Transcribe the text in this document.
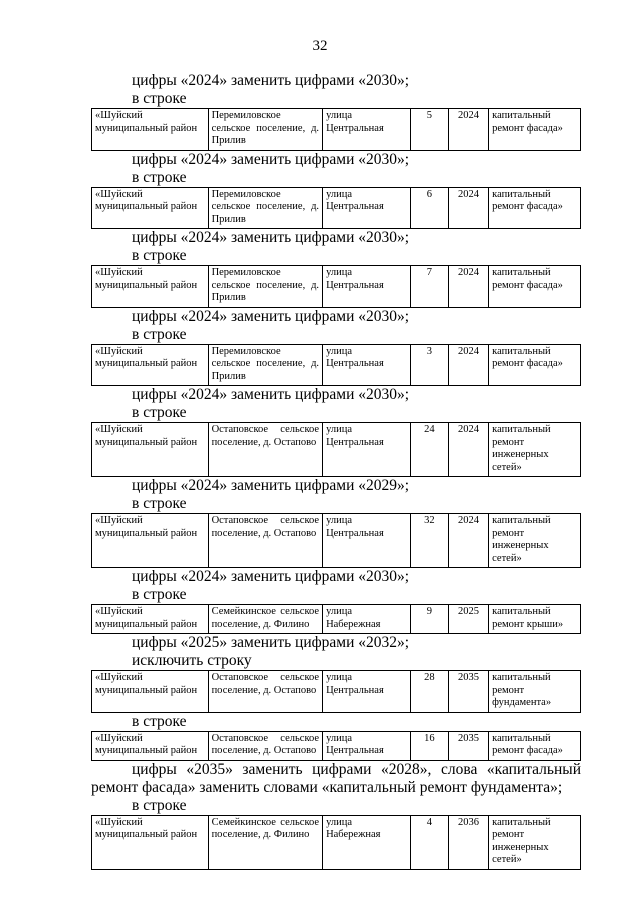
32

цифры «2024» заменить цифрами «2030»;

в строке

«Шуйский муниципальный район	Перемиловское сельское поселение, д. Прилив	улица Центральная	5	2024	капитальный ремонт фасада»

цифры «2024» заменить цифрами «2030»;

в строке

«Шуйский муниципальный район	Перемиловское сельское поселение, д. Прилив	улица Центральная	6	2024	капитальный ремонт фасада»

цифры «2024» заменить цифрами «2030»;

в строке

«Шуйский муниципальный район	Перемиловское сельское поселение, д. Прилив	улица Центральная	7	2024	капитальный ремонт фасада»

цифры «2024» заменить цифрами «2030»;

в строке

«Шуйский муниципальный район	Перемиловское сельское поселение, д. Прилив	улица Центральная	3	2024	капитальный ремонт фасада»

цифры «2024» заменить цифрами «2030»;

в строке

«Шуйский муниципальный район	Остаповское сельское поселение, д. Остапово	улица Центральная	24	2024	капитальный ремонт инженерных сетей»

цифры «2024» заменить цифрами «2029»;

в строке

«Шуйский муниципальный район	Остаповское сельское поселение, д. Остапово	улица Центральная	32	2024	капитальный ремонт инженерных сетей»

цифры «2024» заменить цифрами «2030»;

в строке

«Шуйский муниципальный район	Семейкинское сельское поселение, д. Филино	улица Набережная	9	2025	капитальный ремонт крыши»

цифры «2025» заменить цифрами «2032»;

исключить строку

«Шуйский муниципальный район	Остаповское сельское поселение, д. Остапово	улица Центральная	28	2035	капитальный ремонт фундамента»

в строке

«Шуйский муниципальный район	Остаповское сельское поселение, д. Остапово	улица Центральная	16	2035	капитальный ремонт фасада»

цифры «2035» заменить цифрами «2028», слова «капитальный ремонт фасада» заменить словами «капитальный ремонт фундамента»;

в строке

«Шуйский муниципальный район	Семейкинское сельское поселение, д. Филино	улица Набережная	4	2036	капитальный ремонт инженерных сетей»
